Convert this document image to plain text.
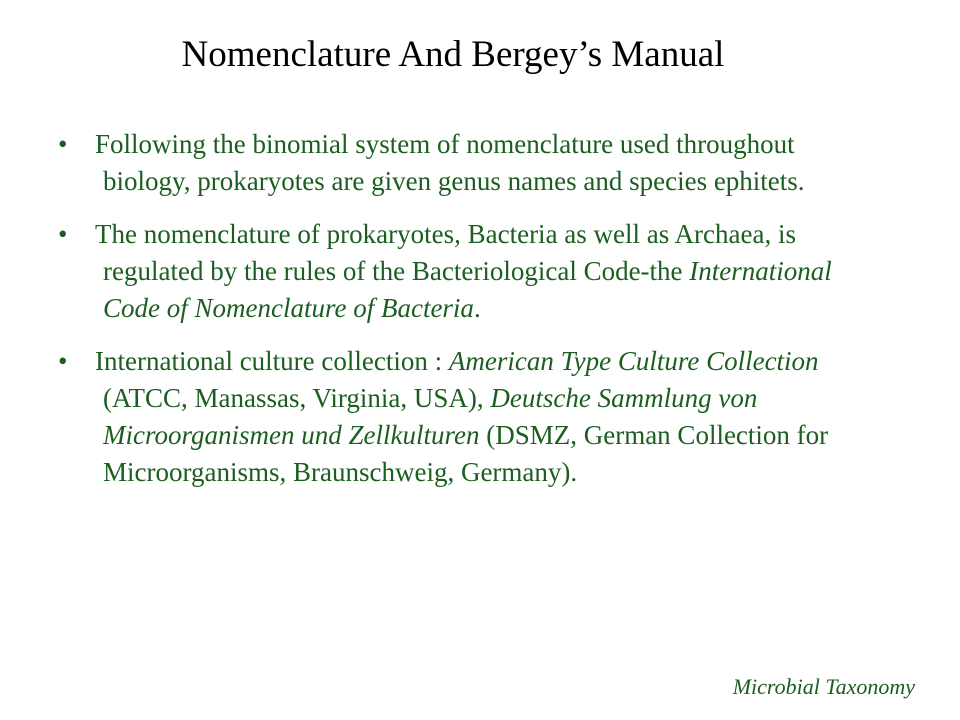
Nomenclature And Bergey’s Manual
• Following the binomial system of nomenclature used throughout biology, prokaryotes are given genus names and species ephitets.
• The nomenclature of prokaryotes, Bacteria as well as Archaea, is regulated by the rules of the Bacteriological Code-the International Code of Nomenclature of Bacteria.
• International culture collection : American Type Culture Collection (ATCC, Manassas, Virginia, USA), Deutsche Sammlung von Microorganismen und Zellkulturen (DSMZ, German Collection for Microorganisms, Braunschweig, Germany).

Microbial Taxonomy
